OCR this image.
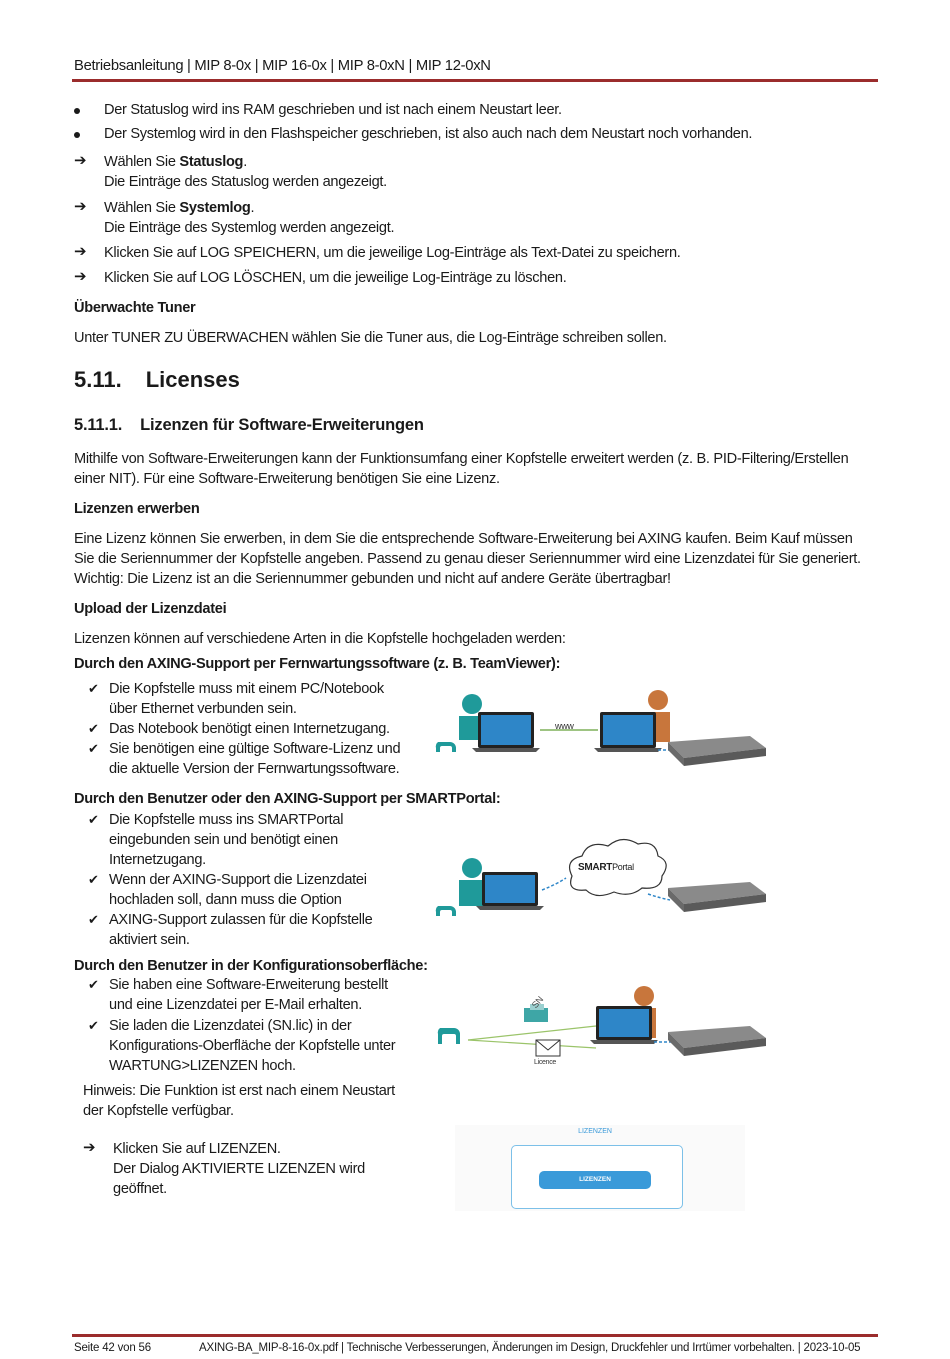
Betriebsanleitung | MIP 8-0x | MIP 16-0x | MIP 8-0xN | MIP 12-0xN
Der Statuslog wird ins RAM geschrieben und ist nach einem Neustart leer.
Der Systemlog wird in den Flashspeicher geschrieben, ist also auch nach dem Neustart noch vorhanden.
➔ Wählen Sie Statuslog.
Die Einträge des Statuslog werden angezeigt.
➔ Wählen Sie Systemlog.
Die Einträge des Systemlog werden angezeigt.
➔ Klicken Sie auf LOG SPEICHERN, um die jeweilige Log-Einträge als Text-Datei zu speichern.
➔ Klicken Sie auf LOG LÖSCHEN, um die jeweilige Log-Einträge zu löschen.
Überwachte Tuner
Unter TUNER ZU ÜBERWACHEN wählen Sie die Tuner aus, die Log-Einträge schreiben sollen.
5.11. Licenses
5.11.1. Lizenzen für Software-Erweiterungen
Mithilfe von Software-Erweiterungen kann der Funktionsumfang einer Kopfstelle erweitert werden (z. B. PID-Filtering/Erstellen
einer NIT). Für eine Software-Erweiterung benötigen Sie eine Lizenz.
Lizenzen erwerben
Eine Lizenz können Sie erwerben, in dem Sie die entsprechende Software-Erweiterung bei AXING kaufen. Beim Kauf müssen
Sie die Seriennummer der Kopfstelle angeben. Passend zu genau dieser Seriennummer wird eine Lizenzdatei für Sie generiert.
Wichtig: Die Lizenz ist an die Seriennummer gebunden und nicht auf andere Geräte übertragbar!
Upload der Lizenzdatei
Lizenzen können auf verschiedene Arten in die Kopfstelle hochgeladen werden:
Durch den AXING-Support per Fernwartungssoftware (z. B. TeamViewer):
✔ Die Kopfstelle muss mit einem PC/Notebook
über Ethernet verbunden sein.
✔ Das Notebook benötigt einen Internetzugang.
✔ Sie benötigen eine gültige Software-Lizenz und
die aktuelle Version der Fernwartungssoftware.
www
Durch den Benutzer oder den AXING-Support per SMARTPortal:
✔ Die Kopfstelle muss ins SMARTPortal
eingebunden sein und benötigt einen
Internetzugang.
✔ Wenn der AXING-Support die Lizenzdatei
hochladen soll, dann muss die Option
✔ AXING-Support zulassen für die Kopfstelle
aktiviert sein.
SMARTPortal
Durch den Benutzer in der Konfigurationsoberfläche:
✔ Sie haben eine Software-Erweiterung bestellt
und eine Lizenzdatei per E-Mail erhalten.
✔ Sie laden die Lizenzdatei (SN.lic) in der
Konfigurations-Oberfläche der Kopfstelle unter
WARTUNG>LIZENZEN hoch.
SN
Licence
Hinweis: Die Funktion ist erst nach einem Neustart
der Kopfstelle verfügbar.
➔ Klicken Sie auf LIZENZEN.
Der Dialog AKTIVIERTE LIZENZEN wird
geöffnet.
LIZENZEN
LIZENZEN
Seite 42 von 56	AXING-BA_MIP-8-16-0x.pdf | Technische Verbesserungen, Änderungen im Design, Druckfehler und Irrtümer vorbehalten. | 2023-10-05
